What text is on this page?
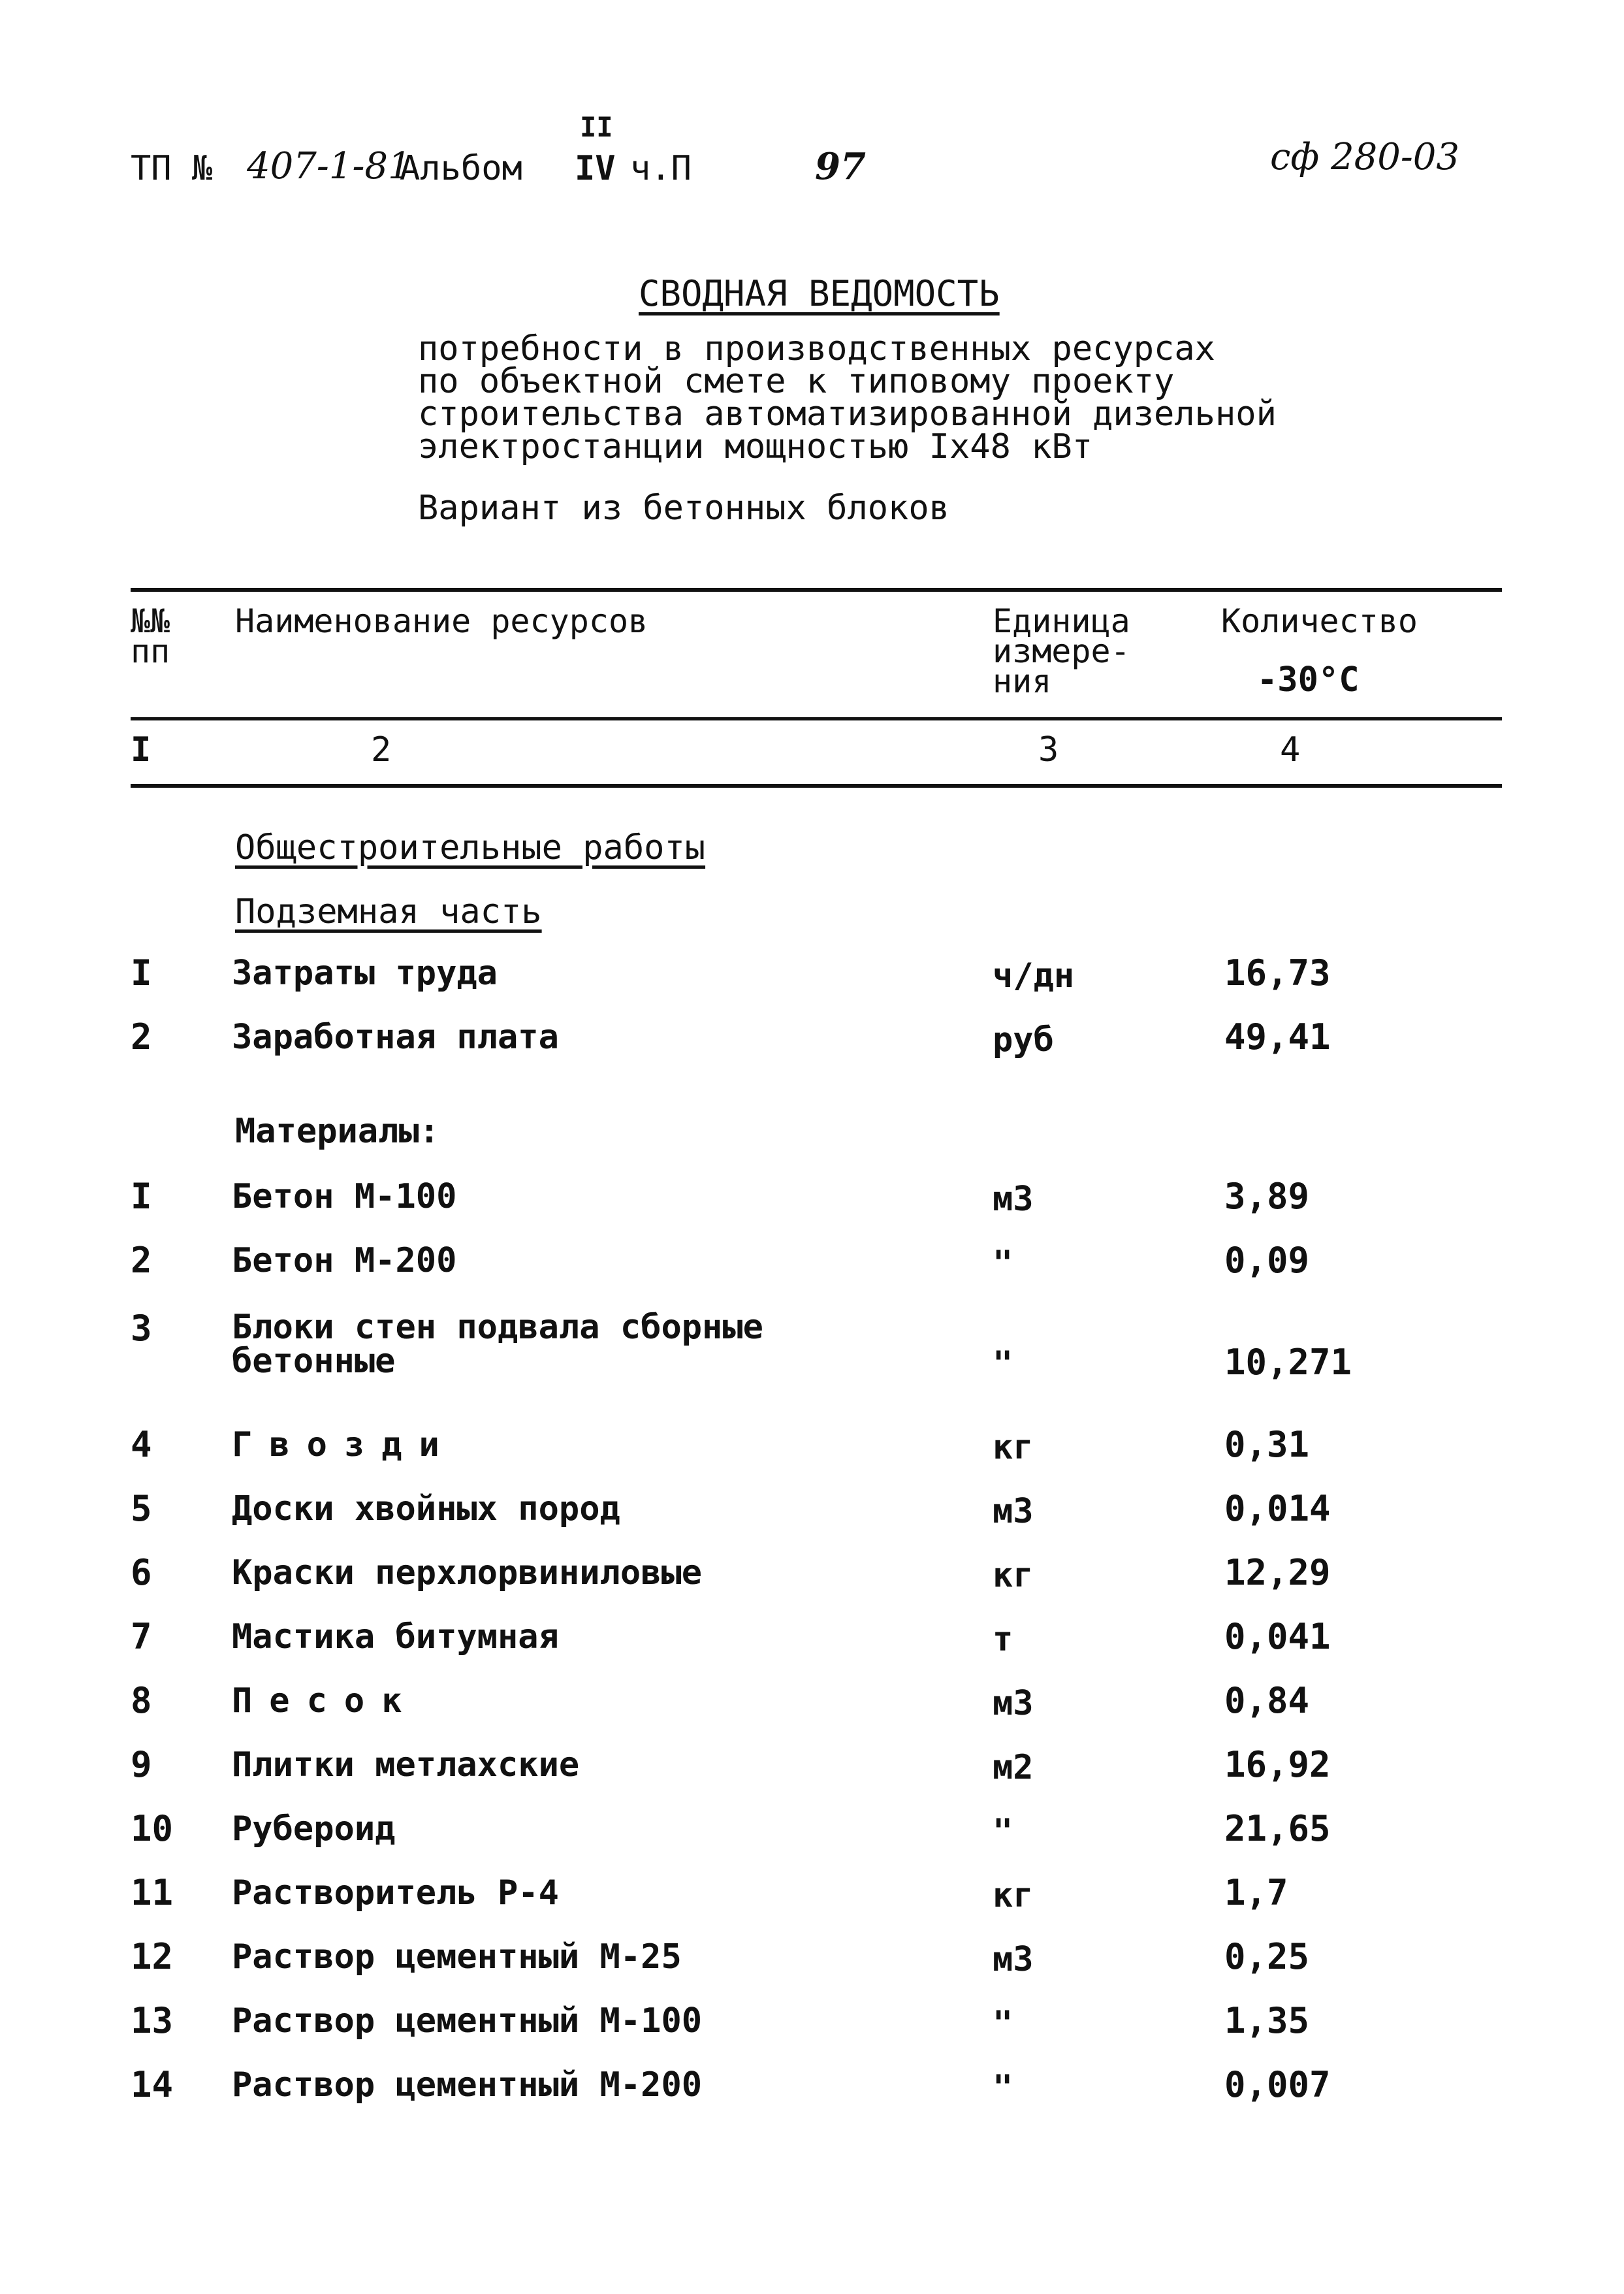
ТП № 407-1-81
Альбом
II
IV ч.П	97	сф 280-03
СВОДНАЯ ВЕДОМОСТЬ
потребности в производственных ресурсах
по объектной смете к типовому проекту
строительства автоматизированной дизельной
электростанции мощностью Ix48 кВт
Вариант из бетонных блоков
№№ пп
Наименование ресурсов	Единица измере- ния
Количество
-30°C
I	2	3	4
Общестроительные работы
Подземная часть
I Затраты труда	ч/дн	16,73
2 Заработная плата	руб	49,41
Материалы:
I Бетон М-100	м3	3,89
2 Бетон М-200	"	0,09
3 Блоки стен подвала сборные бетонные	"	10,271
4 Гвозди	кг	0,31
5 Доски хвойных пород	м3	0,014
6 Краски перхлорвиниловые	кг	12,29
7 Мастика битумная	т	0,041
8 Песок	м3	0,84
9 Плитки метлахские	м2	16,92
10 Рубероид	"	21,65
11 Растворитель Р-4	кг	1,7
12 Раствор цементный М-25	м3	0,25
13 Раствор цементный М-100	"	1,35
14 Раствор цементный М-200	"	0,007
